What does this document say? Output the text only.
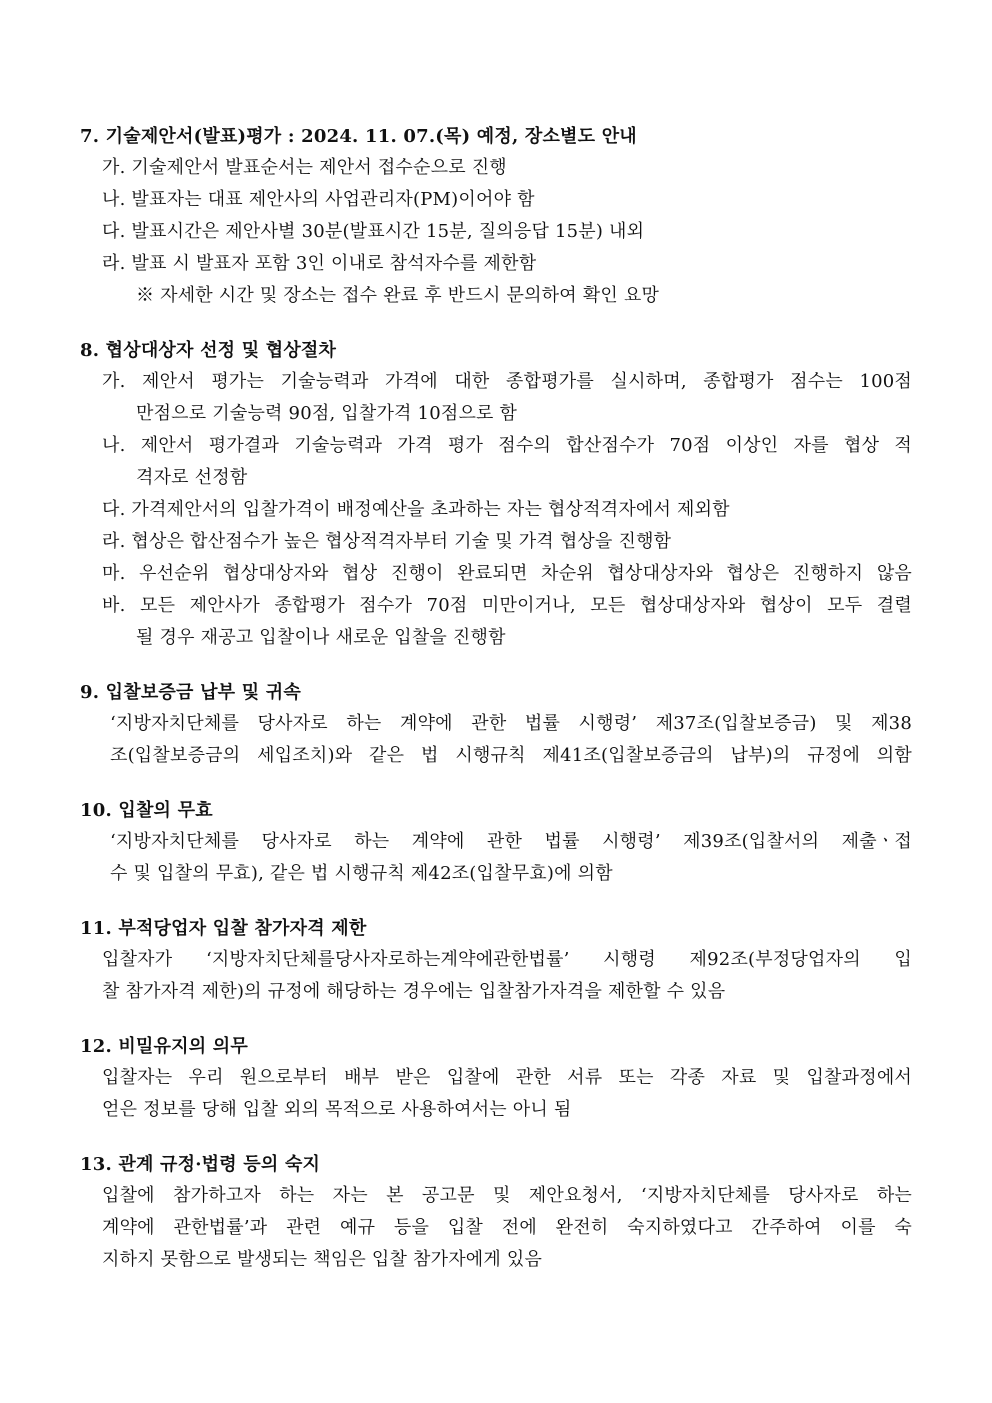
7. 기술제안서(발표)평가 : 2024. 11. 07.(목) 예정, 장소별도 안내
가. 기술제안서 발표순서는 제안서 접수순으로 진행
나. 발표자는 대표 제안사의 사업관리자(PM)이어야 함
다. 발표시간은 제안사별 30분(발표시간 15분, 질의응답 15분) 내외
라. 발표 시 발표자 포함 3인 이내로 참석자수를 제한함
※ 자세한 시간 및 장소는 접수 완료 후 반드시 문의하여 확인 요망
8. 협상대상자 선정 및 협상절차
가. 제안서 평가는 기술능력과 가격에 대한 종합평가를 실시하며, 종합평가 점수는 100점
만점으로 기술능력 90점, 입찰가격 10점으로 함
나. 제안서 평가결과 기술능력과 가격 평가 점수의 합산점수가 70점 이상인 자를 협상 적
격자로 선정함
다. 가격제안서의 입찰가격이 배정예산을 초과하는 자는 협상적격자에서 제외함
라. 협상은 합산점수가 높은 협상적격자부터 기술 및 가격 협상을 진행함
마. 우선순위 협상대상자와 협상 진행이 완료되면 차순위 협상대상자와 협상은 진행하지 않음
바. 모든 제안사가 종합평가 점수가 70점 미만이거나, 모든 협상대상자와 협상이 모두 결렬
될 경우 재공고 입찰이나 새로운 입찰을 진행함
9. 입찰보증금 납부 및 귀속
‘지방자치단체를 당사자로 하는 계약에 관한 법률 시행령’ 제37조(입찰보증금) 및 제38
조(입찰보증금의 세입조치)와 같은 법 시행규칙 제41조(입찰보증금의 납부)의 규정에 의함
10. 입찰의 무효
‘지방자치단체를 당사자로 하는 계약에 관한 법률 시행령’ 제39조(입찰서의 제출ㆍ접
수 및 입찰의 무효), 같은 법 시행규칙 제42조(입찰무효)에 의함
11. 부적당업자 입찰 참가자격 제한
입찰자가 ‘지방자치단체를당사자로하는계약에관한법률’ 시행령 제92조(부정당업자의 입
찰 참가자격 제한)의 규정에 해당하는 경우에는 입찰참가자격을 제한할 수 있음
12. 비밀유지의 의무
입찰자는 우리 원으로부터 배부 받은 입찰에 관한 서류 또는 각종 자료 및 입찰과정에서
얻은 정보를 당해 입찰 외의 목적으로 사용하여서는 아니 됨
13. 관계 규정·법령 등의 숙지
입찰에 참가하고자 하는 자는 본 공고문 및 제안요청서, ‘지방자치단체를 당사자로 하는
계약에 관한법률’과 관련 예규 등을 입찰 전에 완전히 숙지하였다고 간주하여 이를 숙
지하지 못함으로 발생되는 책임은 입찰 참가자에게 있음
